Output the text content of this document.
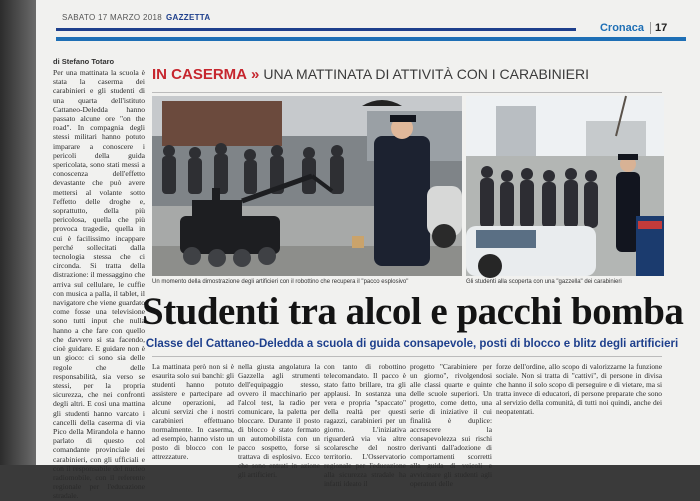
SABATO 17 MARZO 2018 GAZZETTA
Cronaca	17
di Stefano Totaro

Per una mattinata la scuola è stata la caserma dei carabinieri e gli studenti di una quarta dell'istituto Cattaneo-Deledda hanno passato alcune ore "on the road". In compagnia degli stessi militari hanno potuto imparare a conoscere i pericoli della guida spericolata, sono stati messi a conoscenza dell'effetto devastante che può avere mettersi al volante sotto l'effetto delle droghe e, soprattutto, della più pericolosa, quella che più provoca tragedie, quella in cui è facilissimo incappare perché sollecitati dalla tecnologia stessa che ci circonda. Si tratta della distrazione: il messaggino che arriva sul cellulare, le cuffie con musica a palla, il tablet, il navigatore che viene guardato come fosse una televisione sono tutti input che nulla hanno a che fare con quello che davvero si sta facendo, cioè guidare. E guidare non è un gioco: ci sono sia delle regole che delle responsabilità, sia verso se stessi, per la propria sicurezza, che nei confronti degli altri. E così una mattina gli studenti hanno varcato i cancelli della caserma di via Pico della Mirandola e hanno parlato di questo col comandante provinciale dei carabinieri, con gli ufficiali e con il responsabile del nucleo radiomobile, con il referente regionale per l'educazione stradale.

IN CASERMA » UNA MATTINATA DI ATTIVITÀ CON I CARABINIERI
Un momento della dimostrazione degli artificieri con il robottino che recupera il "pacco esplosivo"	Gli studenti alla scoperta con una "gazzella" dei carabinieri
Studenti tra alcol e pacchi bomba
Classe del Cattaneo-Deledda a scuola di guida consapevole, posti di blocco e blitz degli artificieri

La mattinata però non si è esaurita solo sui banchi: gli studenti hanno potuto assistere e partecipare ad alcune operazioni, ad alcuni servizi che i nostri carabinieri effettuano normalmente. In caserma, ad esempio, hanno visto un posto di blocco con le attrezzature.

nella giusta angolatura la Gazzella agli strumenti dell'equipaggio stesso, ovvero il macchinario per l'alcol test, la radio per comunicare, la paletta per bloccare. Durante il posto di blocco è stato fermato un automobilista con un pacco sospetto, forse si trattava di esplosivo. Ecco che sono entrati in azione gli artificieri.

con tanto di robottino telecomandato. Il pacco è stato fatto brillare, tra gli applausi. In sostanza una vera e propria "spaccato" della realtà per questi ragazzi, carabinieri per un giorno. L'iniziativa riguarderà via via altre scolaresche del nostro territorio. L'Osservatorio regionale per l'educazione alla sicurezza stradale ha infatti ideato il

progetto "Carabiniere per un giorno", rivolgendosi alle classi quarte e quinte delle scuole superiori. Un progetto, come detto, una serie di iniziative il cui finalità è duplice: accrescere la consapevolezza sui rischi derivanti dall'adozione di comportamenti scorretti alla guida di veicoli e avvicinare gli studenti agli operatori delle

forze dell'ordine, allo scopo di valorizzarne la funzione sociale. Non si tratta di "cattivi", di persone in divisa che hanno il solo scopo di perseguire e di vietare, ma si tratta invece di educatori, di persone preparate che sono al servizio della comunità, di tutti noi quindi, anche dei neopatentati.
